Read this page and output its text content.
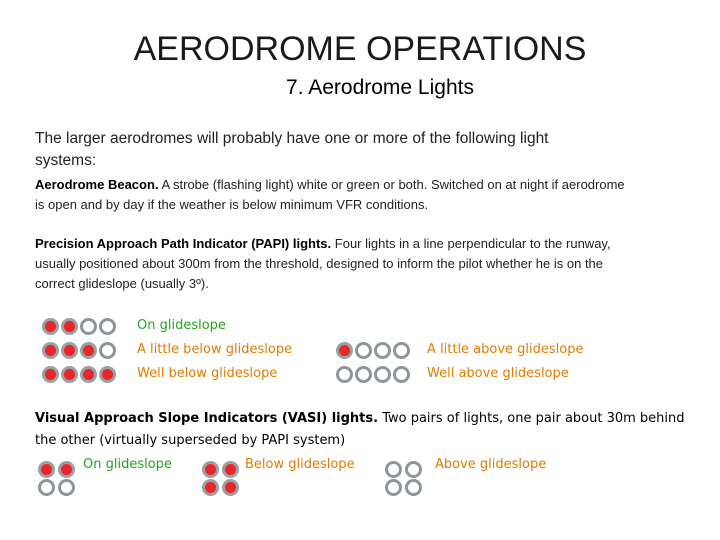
AERODROME OPERATIONS
7. Aerodrome Lights
The larger aerodromes will probably have one or more of the following light systems:
Aerodrome Beacon. A strobe (flashing light) white or green or both. Switched on at night if aerodrome is open and by day if the weather is below minimum VFR conditions.
Precision Approach Path Indicator (PAPI) lights. Four lights in a line perpendicular to the runway, usually positioned about 300m from the threshold, designed to inform the pilot whether he is on the correct glideslope (usually 3º).
On glideslope
A little below glideslope
Well below glideslope
A little above glideslope
Well above glideslope
Visual Approach Slope Indicators (VASI) lights. Two pairs of lights, one pair about 30m behind the other (virtually superseded by PAPI system)
On glideslope	Below glideslope	Above glideslope
